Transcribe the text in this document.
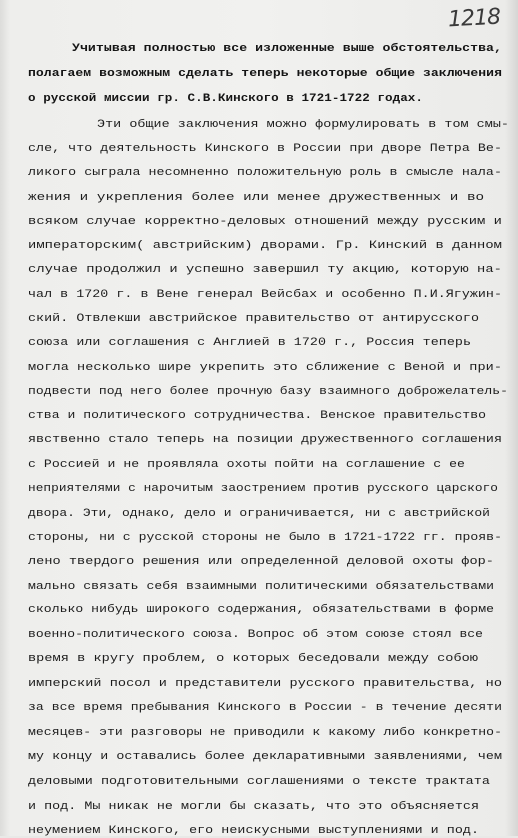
1218
Учитывая полностью все изложенные выше обстоятельства,
полагаем возможным сделать теперь некоторые общие заключения
о русской миссии гр. С.В.Кинского в 1721-1722 годах.
Эти общие заключения можно формулировать в том смы-
сле, что деятельность Кинского в России при дворе Петра Ве-
ликого сыграла несомненно положительную роль в смысле нала-
жения и укрепления более или менее дружественных и во
всяком случае корректно-деловых отношений между русским и
императорским( австрийским) дворами. Гр. Кинский в данном
случае продолжил и успешно завершил ту акцию, которую на-
чал в 1720 г. в Вене генерал Вейсбах и особенно П.И.Ягужин-
ский. Отвлекши австрийское правительство от антирусского
союза или соглашения с Англией в 1720 г., Россия теперь
могла несколько шире укрепить это сближение с Веной и при-
подвести под него более прочную базу взаимного доброжелатель-
ства и политического сотрудничества. Венское правительство
явственно стало теперь на позиции дружественного соглашения
с Россией и не проявляла охоты пойти на соглашение с ее
неприятелями с нарочитым заострением против русского царского
двора. Эти, однако, дело и ограничивается, ни с австрийской
стороны, ни с русской стороны не было в 1721-1722 гг. прояв-
лено твердого решения или определенной деловой охоты фор-
мально связать себя взаимными политическими обязательствами
сколько нибудь широкого содержания, обязательствами в форме
военно-политического союза. Вопрос об этом союзе стоял все
время в кругу проблем, о которых беседовали между собою
имперский посол и представители русского правительства, но
за все время пребывания Кинского в России - в течение десяти
месяцев- эти разговоры не приводили к какому либо конкретно-
му концу и оставались более декларативными заявлениями, чем
деловыми подготовительными соглашениями о тексте трактата
и под. Мы никак не могли бы сказать, что это объясняется
неумением Кинского, его неискусными выступлениями и под.
